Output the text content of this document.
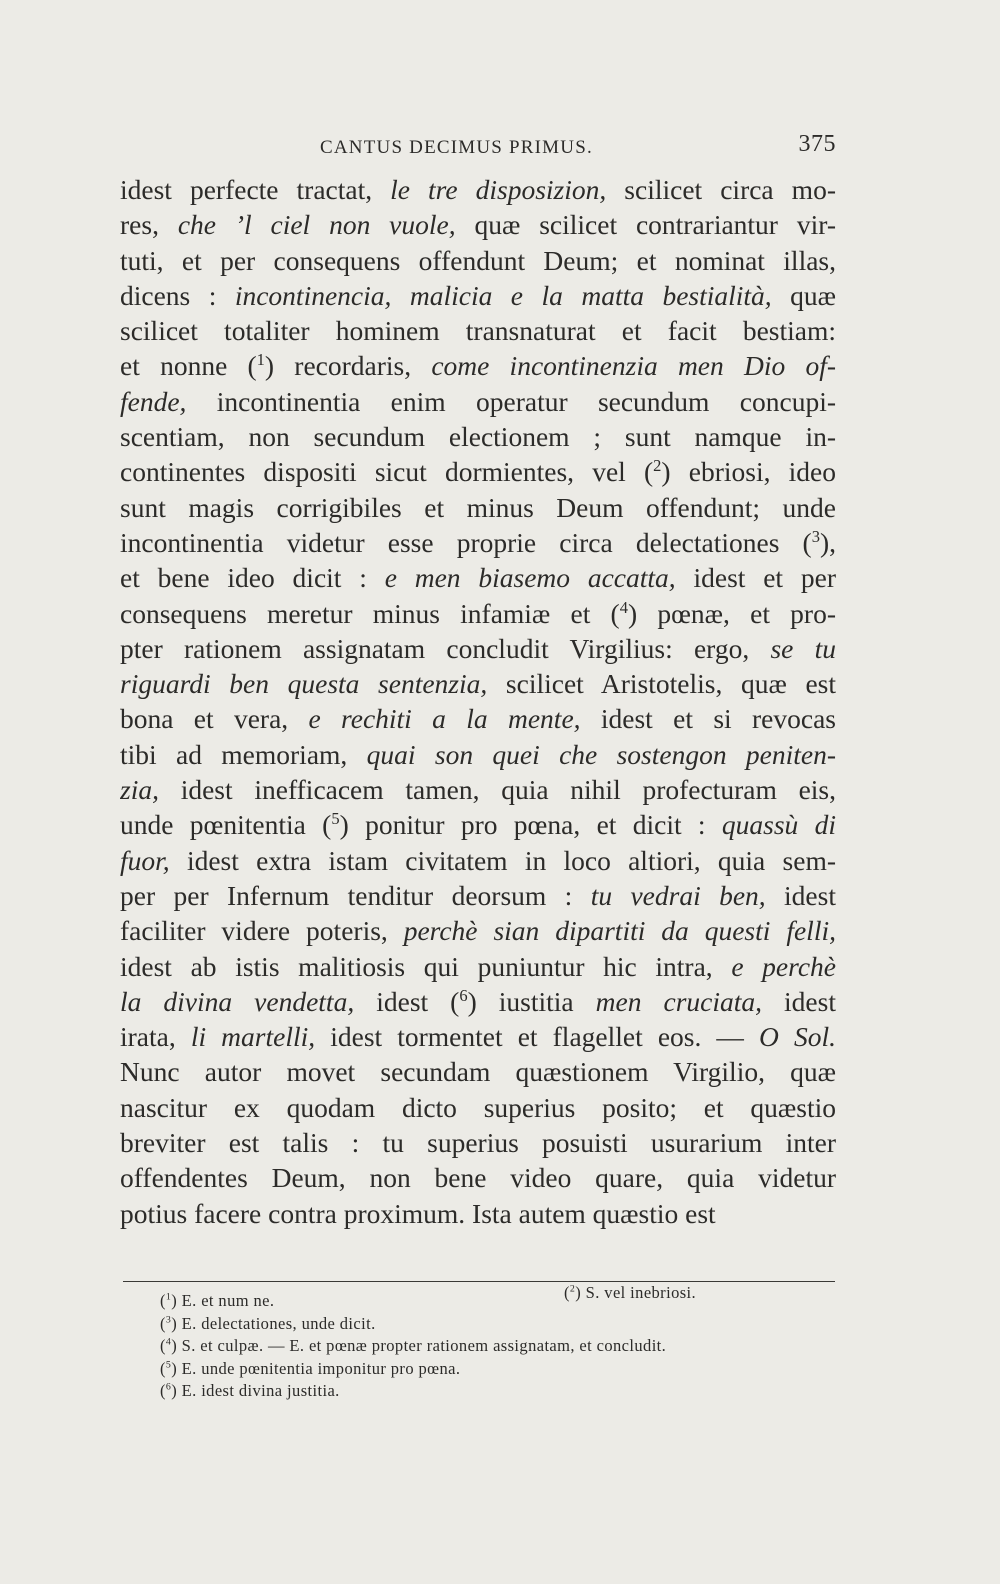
CANTUS DECIMUS PRIMUS.	375
idest perfecte tractat, le tre disposizion, scilicet circa mo-
res, che ’l ciel non vuole, quæ scilicet contrariantur vir-
tuti, et per consequens offendunt Deum; et nominat illas,
dicens : incontinencia, malicia e la matta bestialità, quæ
scilicet totaliter hominem transnaturat et facit bestiam:
et nonne ($^1$) recordaris, come incontinenzia men Dio of-
fende, incontinentia enim operatur secundum concupi-
scentiam, non secundum electionem ; sunt namque in-
continentes dispositi sicut dormientes, vel ($^2$) ebriosi, ideo
sunt magis corrigibiles et minus Deum offendunt; unde
incontinentia videtur esse proprie circa delectationes ($^3$),
et bene ideo dicit : e men biasemo accatta, idest et per
consequens meretur minus infamiæ et ($^4$) pœnæ, et pro-
pter rationem assignatam concludit Virgilius: ergo, se tu
riguardi ben questa sentenzia, scilicet Aristotelis, quæ est
bona et vera, e rechiti a la mente, idest et si revocas
tibi ad memoriam, quai son quei che sostengon peniten-
zia, idest inefficacem tamen, quia nihil profecturam eis,
unde pœnitentia ($^5$) ponitur pro pœna, et dicit : quassù di
fuor, idest extra istam civitatem in loco altiori, quia sem-
per per Infernum tenditur deorsum : tu vedrai ben, idest
faciliter videre poteris, perchè sian dipartiti da questi felli,
idest ab istis malitiosis qui puniuntur hic intra, e perchè
la divina vendetta, idest ($^6$) iustitia men cruciata, idest
irata, li martelli, idest tormentet et flagellet eos. — O Sol.
Nunc autor movet secundam quæstionem Virgilio, quæ
nascitur ex quodam dicto superius posito; et quæstio
breviter est talis : tu superius posuisti usurarium inter
offendentes Deum, non bene video quare, quia videtur
potius facere contra proximum. Ista autem quæstio est
($^1$) E. et num ne.	($^2$) S. vel inebriosi.
($^3$) E. delectationes, unde dicit.
($^4$) S. et culpæ. — E. et pœnæ propter rationem assignatam, et concludit.
($^5$) E. unde pœnitentia imponitur pro pœna.
($^6$) E. idest divina justitia.
